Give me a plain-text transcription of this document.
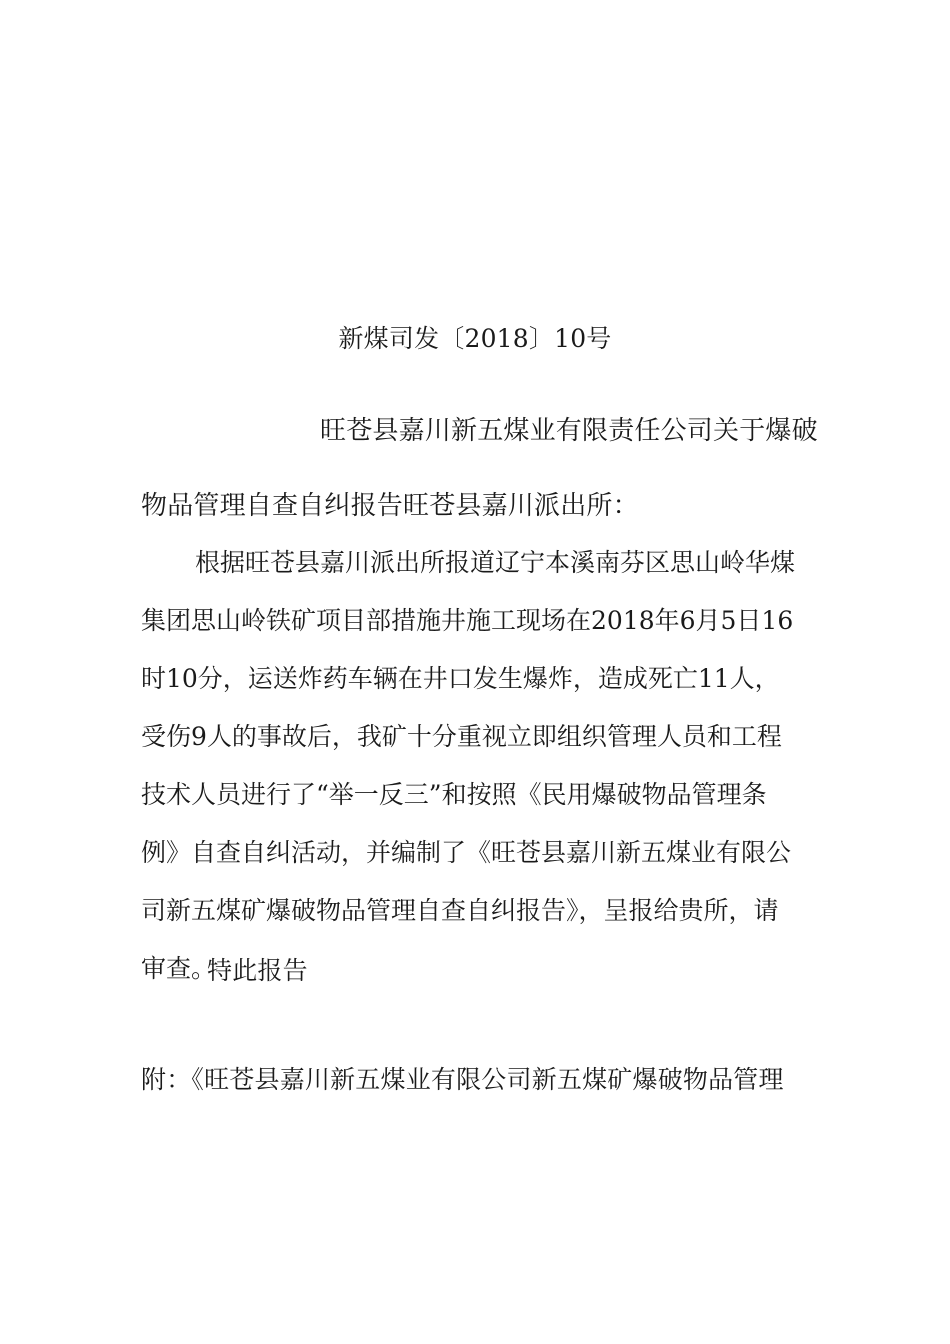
新煤司发〔2018〕10号
旺苍县嘉川新五煤业有限责任公司关于爆破
物品管理自查自纠报告旺苍县嘉川派出所：
根据旺苍县嘉川派出所报道辽宁本溪南芬区思山岭华煤
集团思山岭铁矿项目部措施井施工现场在2018年6月5日16
时10分，运送炸药车辆在井口发生爆炸，造成死亡11人，
受伤9人的事故后，我矿十分重视立即组织管理人员和工程
技术人员进行了“举一反三”和按照《民用爆破物品管理条
例》自查自纠活动，并编制了《旺苍县嘉川新五煤业有限公
司新五煤矿爆破物品管理自查自纠报告》，呈报给贵所，请
审查。
特此报告
附：《旺苍县嘉川新五煤业有限公司新五煤矿爆破物品管理
